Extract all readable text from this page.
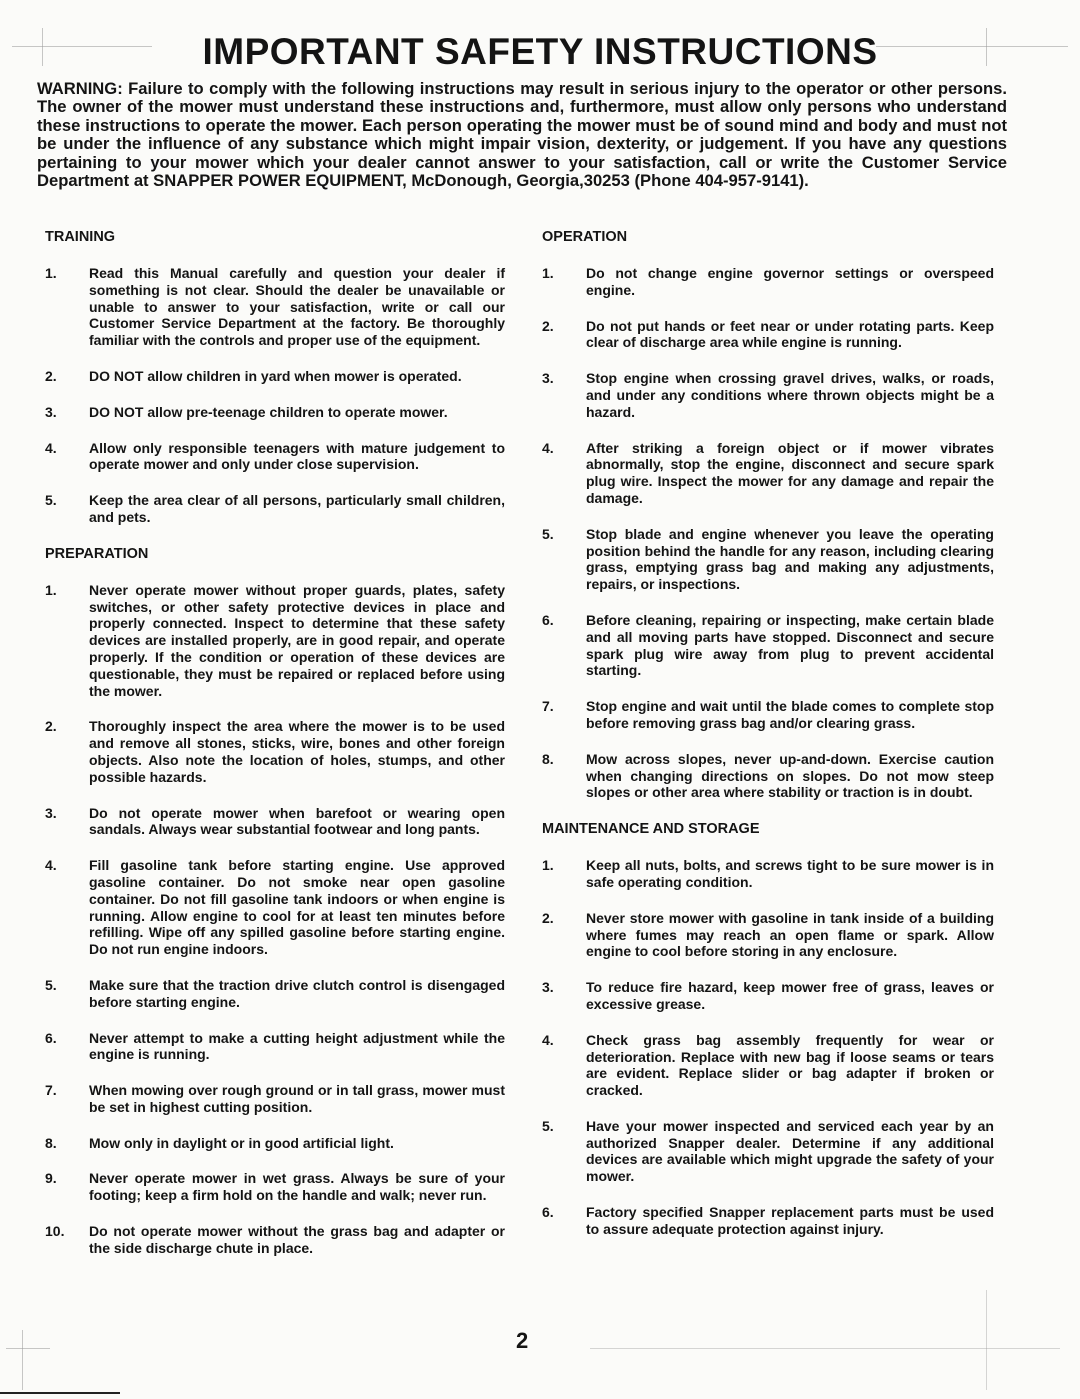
IMPORTANT SAFETY INSTRUCTIONS
WARNING: Failure to comply with the following instructions may result in serious injury to the operator or other persons. The owner of the mower must understand these instructions and, furthermore, must allow only persons who understand these instructions to operate the mower. Each person operating the mower must be of sound mind and body and must not be under the influence of any substance which might impair vision, dexterity, or judgement. If you have any questions pertaining to your mower which your dealer cannot answer to your satisfaction, call or write the Customer Service Department at SNAPPER POWER EQUIPMENT, McDonough, Georgia,30253 (Phone 404-957-9141).
TRAINING
1.	Read this Manual carefully and question your dealer if something is not clear. Should the dealer be unavailable or unable to answer to your satisfaction, write or call our Customer Service Department at the factory. Be thoroughly familiar with the controls and proper use of the equipment.
2.	DO NOT allow children in yard when mower is operated.
3.	DO NOT allow pre-teenage children to operate mower.
4.	Allow only responsible teenagers with mature judgement to operate mower and only under close supervision.
5.	Keep the area clear of all persons, particularly small children, and pets.
PREPARATION
1.	Never operate mower without proper guards, plates, safety switches, or other safety protective devices in place and properly connected. Inspect to determine that these safety devices are installed properly, are in good repair, and operate properly. If the condition or operation of these devices are questionable, they must be repaired or replaced before using the mower.
2.	Thoroughly inspect the area where the mower is to be used and remove all stones, sticks, wire, bones and other foreign objects. Also note the location of holes, stumps, and other possible hazards.
3.	Do not operate mower when barefoot or wearing open sandals. Always wear substantial footwear and long pants.
4.	Fill gasoline tank before starting engine. Use approved gasoline container. Do not smoke near open gasoline container. Do not fill gasoline tank indoors or when engine is running. Allow engine to cool for at least ten minutes before refilling. Wipe off any spilled gasoline before starting engine. Do not run engine indoors.
5.	Make sure that the traction drive clutch control is disengaged before starting engine.
6.	Never attempt to make a cutting height adjustment while the engine is running.
7.	When mowing over rough ground or in tall grass, mower must be set in highest cutting position.
8.	Mow only in daylight or in good artificial light.
9.	Never operate mower in wet grass. Always be sure of your footing; keep a firm hold on the handle and walk; never run.
10.	Do not operate mower without the grass bag and adapter or the side discharge chute in place.
OPERATION
1.	Do not change engine governor settings or overspeed engine.
2.	Do not put hands or feet near or under rotating parts. Keep clear of discharge area while engine is running.
3.	Stop engine when crossing gravel drives, walks, or roads, and under any conditions where thrown objects might be a hazard.
4.	After striking a foreign object or if mower vibrates abnormally, stop the engine, disconnect and secure spark plug wire. Inspect the mower for any damage and repair the damage.
5.	Stop blade and engine whenever you leave the operating position behind the handle for any reason, including clearing grass, emptying grass bag and making any adjustments, repairs, or inspections.
6.	Before cleaning, repairing or inspecting, make certain blade and all moving parts have stopped. Disconnect and secure spark plug wire away from plug to prevent accidental starting.
7.	Stop engine and wait until the blade comes to complete stop before removing grass bag and/or clearing grass.
8.	Mow across slopes, never up-and-down. Exercise caution when changing directions on slopes. Do not mow steep slopes or other area where stability or traction is in doubt.
MAINTENANCE AND STORAGE
1.	Keep all nuts, bolts, and screws tight to be sure mower is in safe operating condition.
2.	Never store mower with gasoline in tank inside of a building where fumes may reach an open flame or spark. Allow engine to cool before storing in any enclosure.
3.	To reduce fire hazard, keep mower free of grass, leaves or excessive grease.
4.	Check grass bag assembly frequently for wear or deterioration. Replace with new bag if loose seams or tears are evident. Replace slider or bag adapter if broken or cracked.
5.	Have your mower inspected and serviced each year by an authorized Snapper dealer. Determine if any additional devices are available which might upgrade the safety of your mower.
6.	Factory specified Snapper replacement parts must be used to assure adequate protection against injury.
2
